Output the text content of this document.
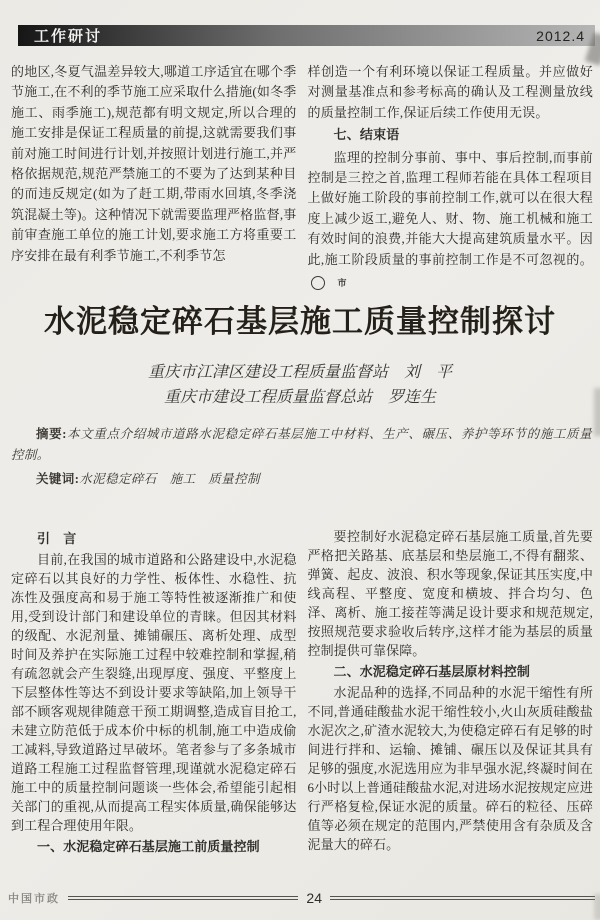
工作研讨	2012.4

的地区,冬夏气温差异较大,哪道工序适宜在哪个季节施工,在不利的季节施工应采取什么措施(如冬季施工、雨季施工),规范都有明文规定,所以合理的施工安排是保证工程质量的前提,这就需要我们事前对施工时间进行计划,并按照计划进行施工,并严格依据规范,规范严禁施工的不要为了达到某种目的而违反规定(如为了赶工期,带雨水回填,冬季浇筑混凝土等)。这种情况下就需要监理严格监督,事前审查施工单位的施工计划,要求施工方将重要工序安排在最有利季节施工,不利季节怎

样创造一个有利环境以保证工程质量。并应做好对测量基准点和参考标高的确认及工程测量放线的质量控制工作,保证后续工作使用无误。

七、结束语

监理的控制分事前、事中、事后控制,而事前控制是三控之首,监理工程师若能在具体工程项目上做好施工阶段的事前控制工作,就可以在很大程度上减少返工,避免人、财、物、施工机械和施工有效时间的浪费,并能大大提高建筑质量水平。因此,施工阶段质量的事前控制工作是不可忽视的。市

水泥稳定碎石基层施工质量控制探讨
重庆市江津区建设工程质量监督站　刘　平
重庆市建设工程质量监督总站　罗连生

摘要:本文重点介绍城市道路水泥稳定碎石基层施工中材料、生产、碾压、养护等环节的施工质量控制。

关键词:水泥稳定碎石　施工　质量控制

引　言

目前,在我国的城市道路和公路建设中,水泥稳定碎石以其良好的力学性、板体性、水稳性、抗冻性及强度高和易于施工等特性被逐渐推广和使用,受到设计部门和建设单位的青睐。但因其材料的级配、水泥剂量、摊铺碾压、离析处理、成型时间及养护在实际施工过程中较难控制和掌握,稍有疏忽就会产生裂缝,出现厚度、强度、平整度上下层整体性等达不到设计要求等缺陷,加上领导干部不顾客观规律随意干预工期调整,造成盲目抢工,未建立防范低于成本价中标的机制,施工中造成偷工减料,导致道路过早破坏。笔者参与了多条城市道路工程施工过程监督管理,现谨就水泥稳定碎石施工中的质量控制问题谈一些体会,希望能引起相关部门的重视,从而提高工程实体质量,确保能够达到工程合理使用年限。

一、水泥稳定碎石基层施工前质量控制

要控制好水泥稳定碎石基层施工质量,首先要严格把关路基、底基层和垫层施工,不得有翻浆、弹簧、起皮、波浪、积水等现象,保证其压实度,中线高程、平整度、宽度和横坡、拌合均匀、色泽、离析、施工接茬等满足设计要求和规范规定,按照规范要求验收后转序,这样才能为基层的质量控制提供可靠保障。

二、水泥稳定碎石基层原材料控制

水泥品种的选择,不同品种的水泥干缩性有所不同,普通硅酸盐水泥干缩性较小,火山灰质硅酸盐水泥次之,矿渣水泥较大,为使稳定碎石有足够的时间进行拌和、运输、摊铺、碾压以及保证其具有足够的强度,水泥选用应为非早强水泥,终凝时间在6小时以上普通硅酸盐水泥,对进场水泥按规定应进行严格复检,保证水泥的质量。碎石的粒径、压碎值等必须在规定的范围内,严禁使用含有杂质及含泥量大的碎石。

中国市政	24
